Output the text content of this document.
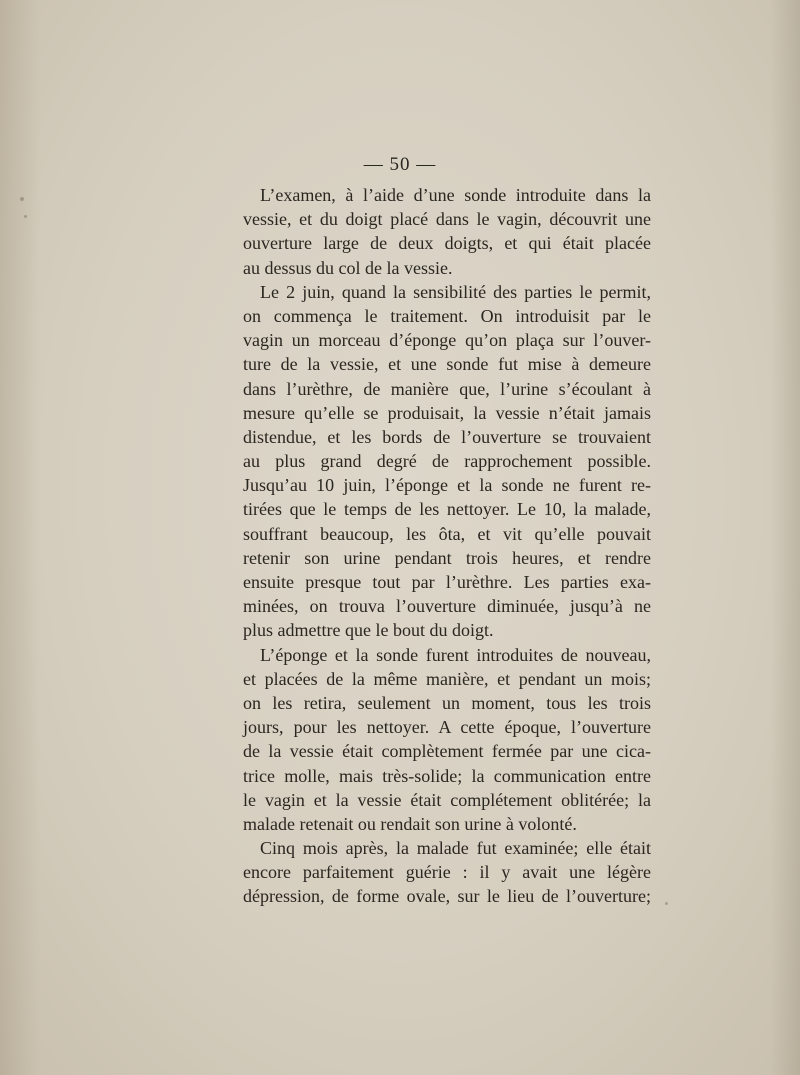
— 50 —

L’examen, à l’aide d’une sonde introduite dans la
vessie, et du doigt placé dans le vagin, découvrit une
ouverture large de deux doigts, et qui était placée
au dessus du col de la vessie.

Le 2 juin, quand la sensibilité des parties le permit,
on commença le traitement. On introduisit par le
vagin un morceau d’éponge qu’on plaça sur l’ouver-
ture de la vessie, et une sonde fut mise à demeure
dans l’urèthre, de manière que, l’urine s’écoulant à
mesure qu’elle se produisait, la vessie n’était jamais
distendue, et les bords de l’ouverture se trouvaient
au plus grand degré de rapprochement possible.
Jusqu’au 10 juin, l’éponge et la sonde ne furent re-
tirées que le temps de les nettoyer. Le 10, la malade,
souffrant beaucoup, les ôta, et vit qu’elle pouvait
retenir son urine pendant trois heures, et rendre
ensuite presque tout par l’urèthre. Les parties exa-
minées, on trouva l’ouverture diminuée, jusqu’à ne
plus admettre que le bout du doigt.

L’éponge et la sonde furent introduites de nouveau,
et placées de la même manière, et pendant un mois;
on les retira, seulement un moment, tous les trois
jours, pour les nettoyer. A cette époque, l’ouverture
de la vessie était complètement fermée par une cica-
trice molle, mais très-solide; la communication entre
le vagin et la vessie était complétement oblitérée; la
malade retenait ou rendait son urine à volonté.

Cinq mois après, la malade fut examinée; elle était
encore parfaitement guérie : il y avait une légère
dépression, de forme ovale, sur le lieu de l’ouverture;
